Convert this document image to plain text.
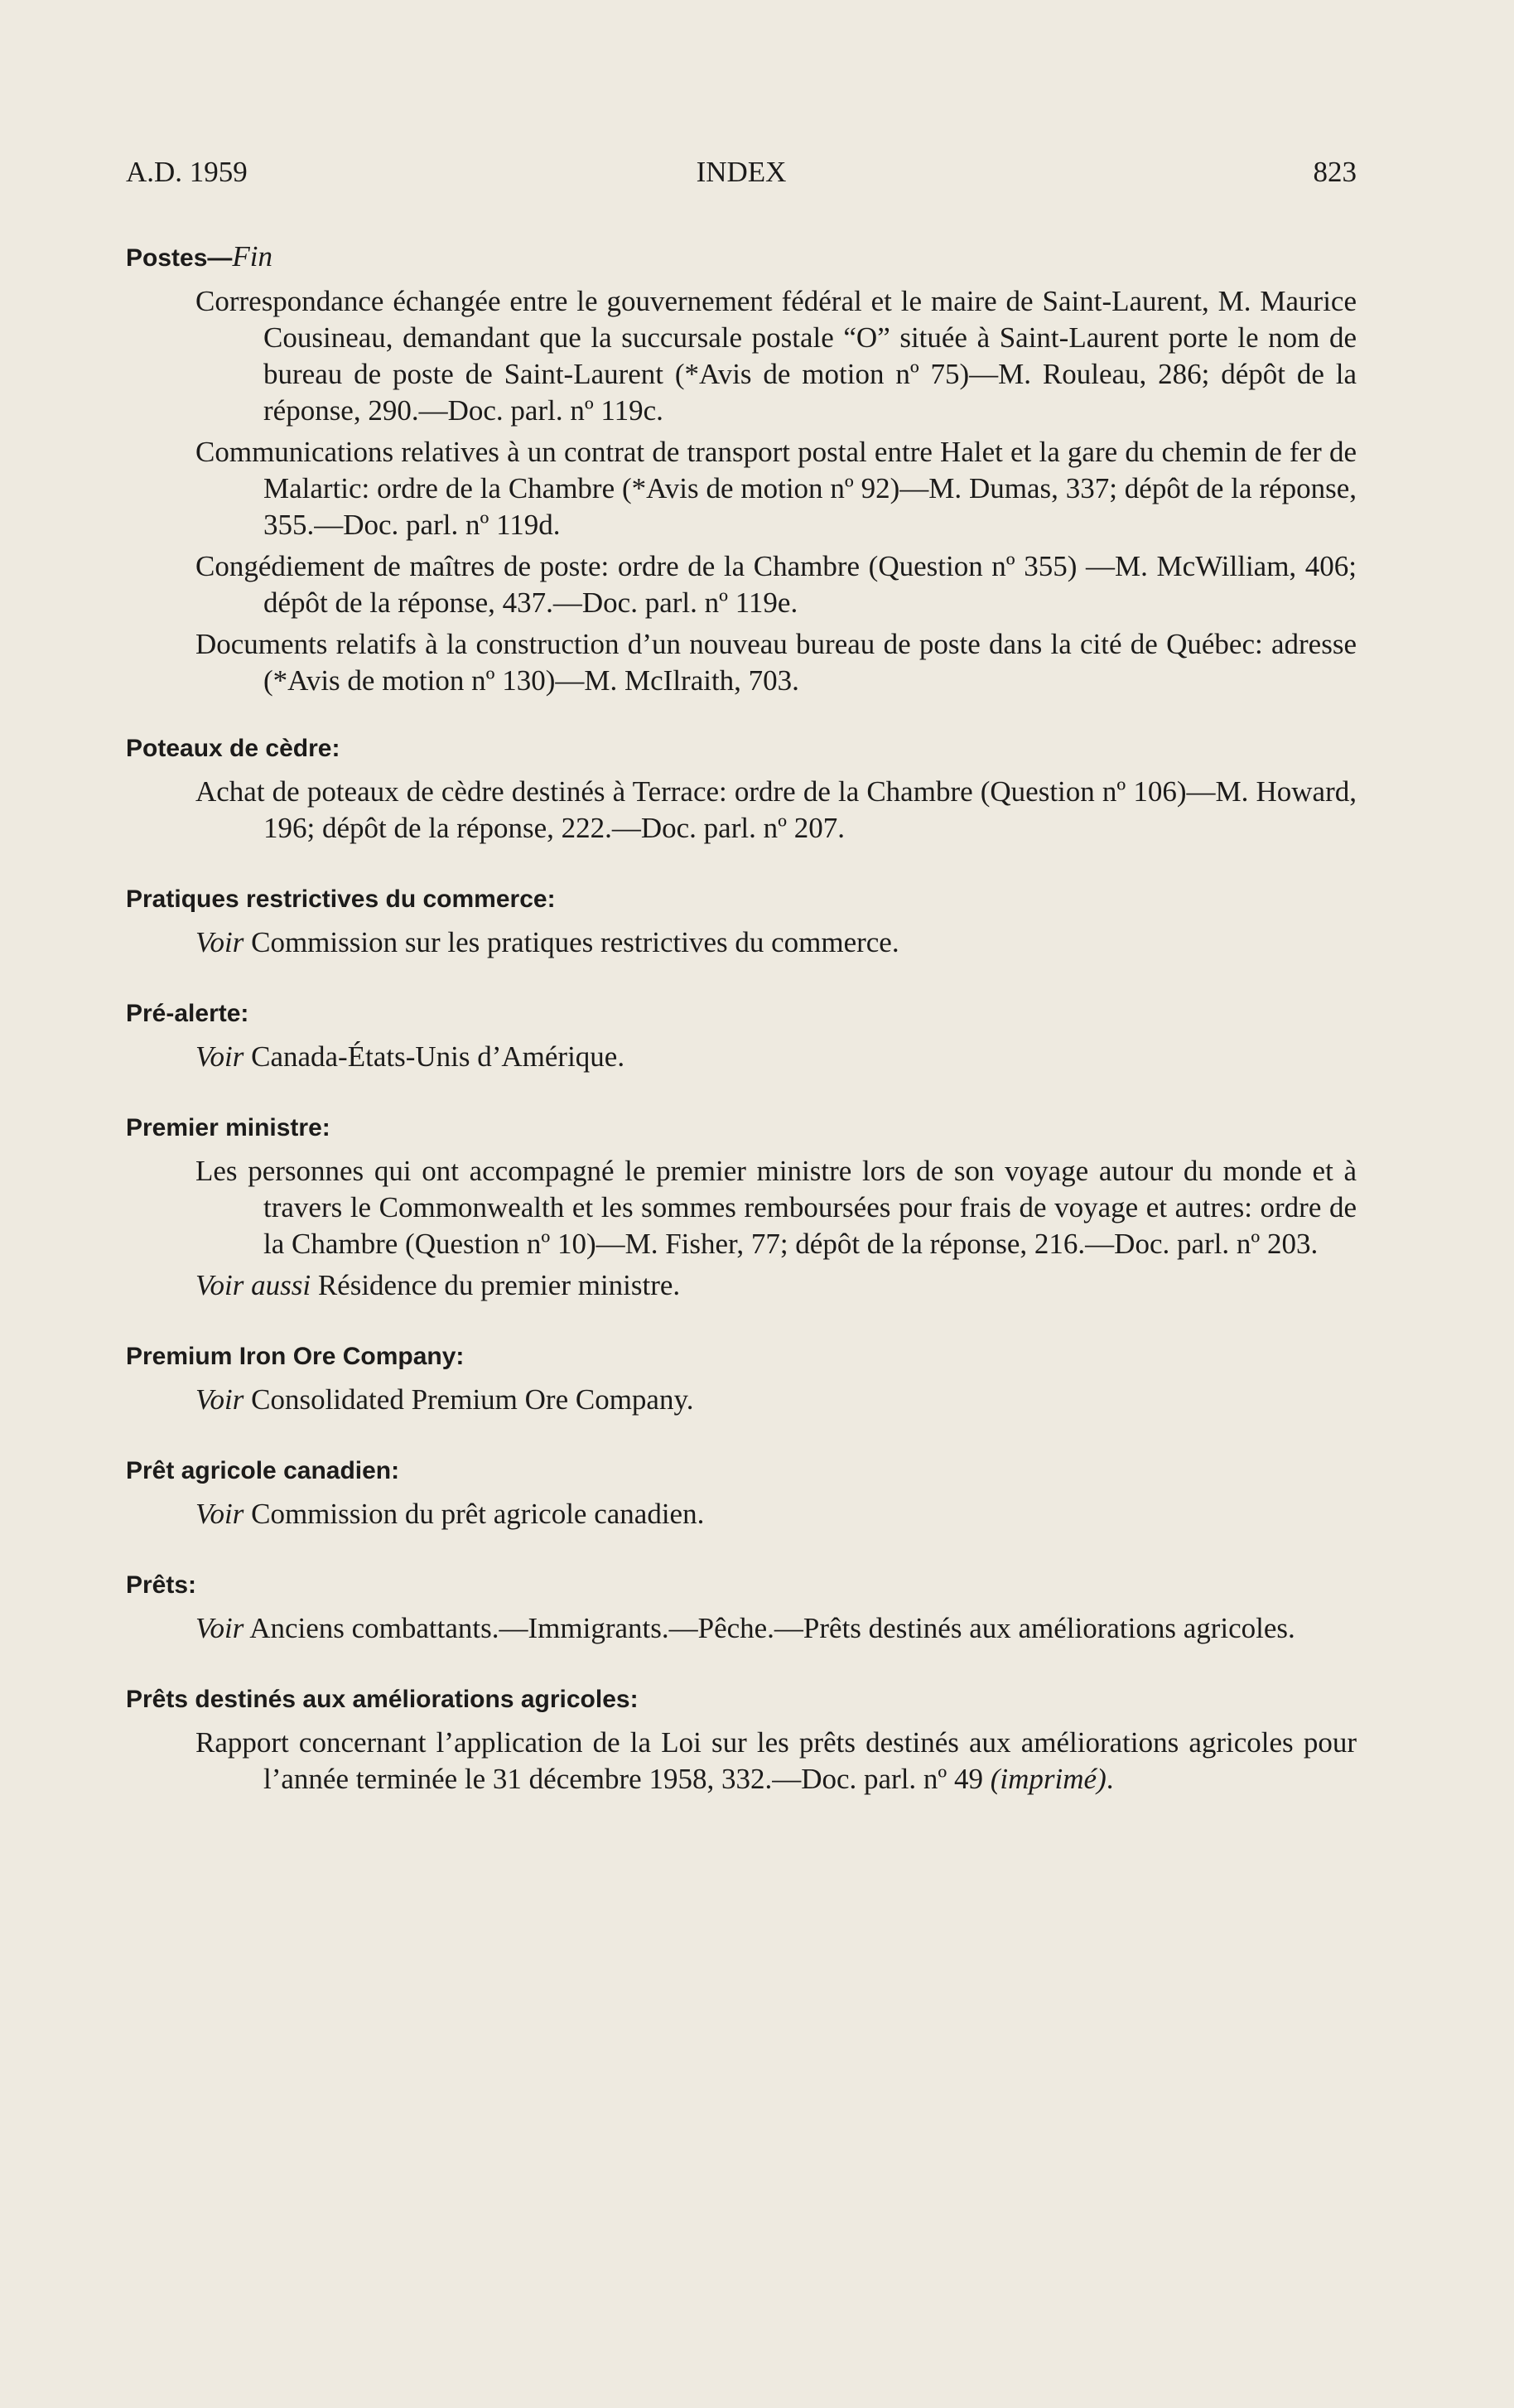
A.D. 1959	INDEX	823

Postes—Fin

Correspondance échangée entre le gouvernement fédéral et le maire de Saint-Laurent, M. Maurice Cousineau, demandant que la succursale postale “O” située à Saint-Laurent porte le nom de bureau de poste de Saint-Laurent (*Avis de motion nº 75)—M. Rouleau, 286; dépôt de la réponse, 290.—Doc. parl. nº 119c.

Communications relatives à un contrat de transport postal entre Halet et la gare du chemin de fer de Malartic: ordre de la Chambre (*Avis de motion nº 92)—M. Dumas, 337; dépôt de la réponse, 355.—Doc. parl. nº 119d.

Congédiement de maîtres de poste: ordre de la Chambre (Question nº 355) —M. McWilliam, 406; dépôt de la réponse, 437.—Doc. parl. nº 119e.

Documents relatifs à la construction d’un nouveau bureau de poste dans la cité de Québec: adresse (*Avis de motion nº 130)—M. McIlraith, 703.

Poteaux de cèdre:

Achat de poteaux de cèdre destinés à Terrace: ordre de la Chambre (Question nº 106)—M. Howard, 196; dépôt de la réponse, 222.—Doc. parl. nº 207.

Pratiques restrictives du commerce:

Voir Commission sur les pratiques restrictives du commerce.

Pré-alerte:

Voir Canada-États-Unis d’Amérique.

Premier ministre:

Les personnes qui ont accompagné le premier ministre lors de son voyage autour du monde et à travers le Commonwealth et les sommes remboursées pour frais de voyage et autres: ordre de la Chambre (Question nº 10)—M. Fisher, 77; dépôt de la réponse, 216.—Doc. parl. nº 203.

Voir aussi Résidence du premier ministre.

Premium Iron Ore Company:

Voir Consolidated Premium Ore Company.

Prêt agricole canadien:

Voir Commission du prêt agricole canadien.

Prêts:

Voir Anciens combattants.—Immigrants.—Pêche.—Prêts destinés aux améliorations agricoles.

Prêts destinés aux améliorations agricoles:

Rapport concernant l’application de la Loi sur les prêts destinés aux améliorations agricoles pour l’année terminée le 31 décembre 1958, 332.—Doc. parl. nº 49 (imprimé).
